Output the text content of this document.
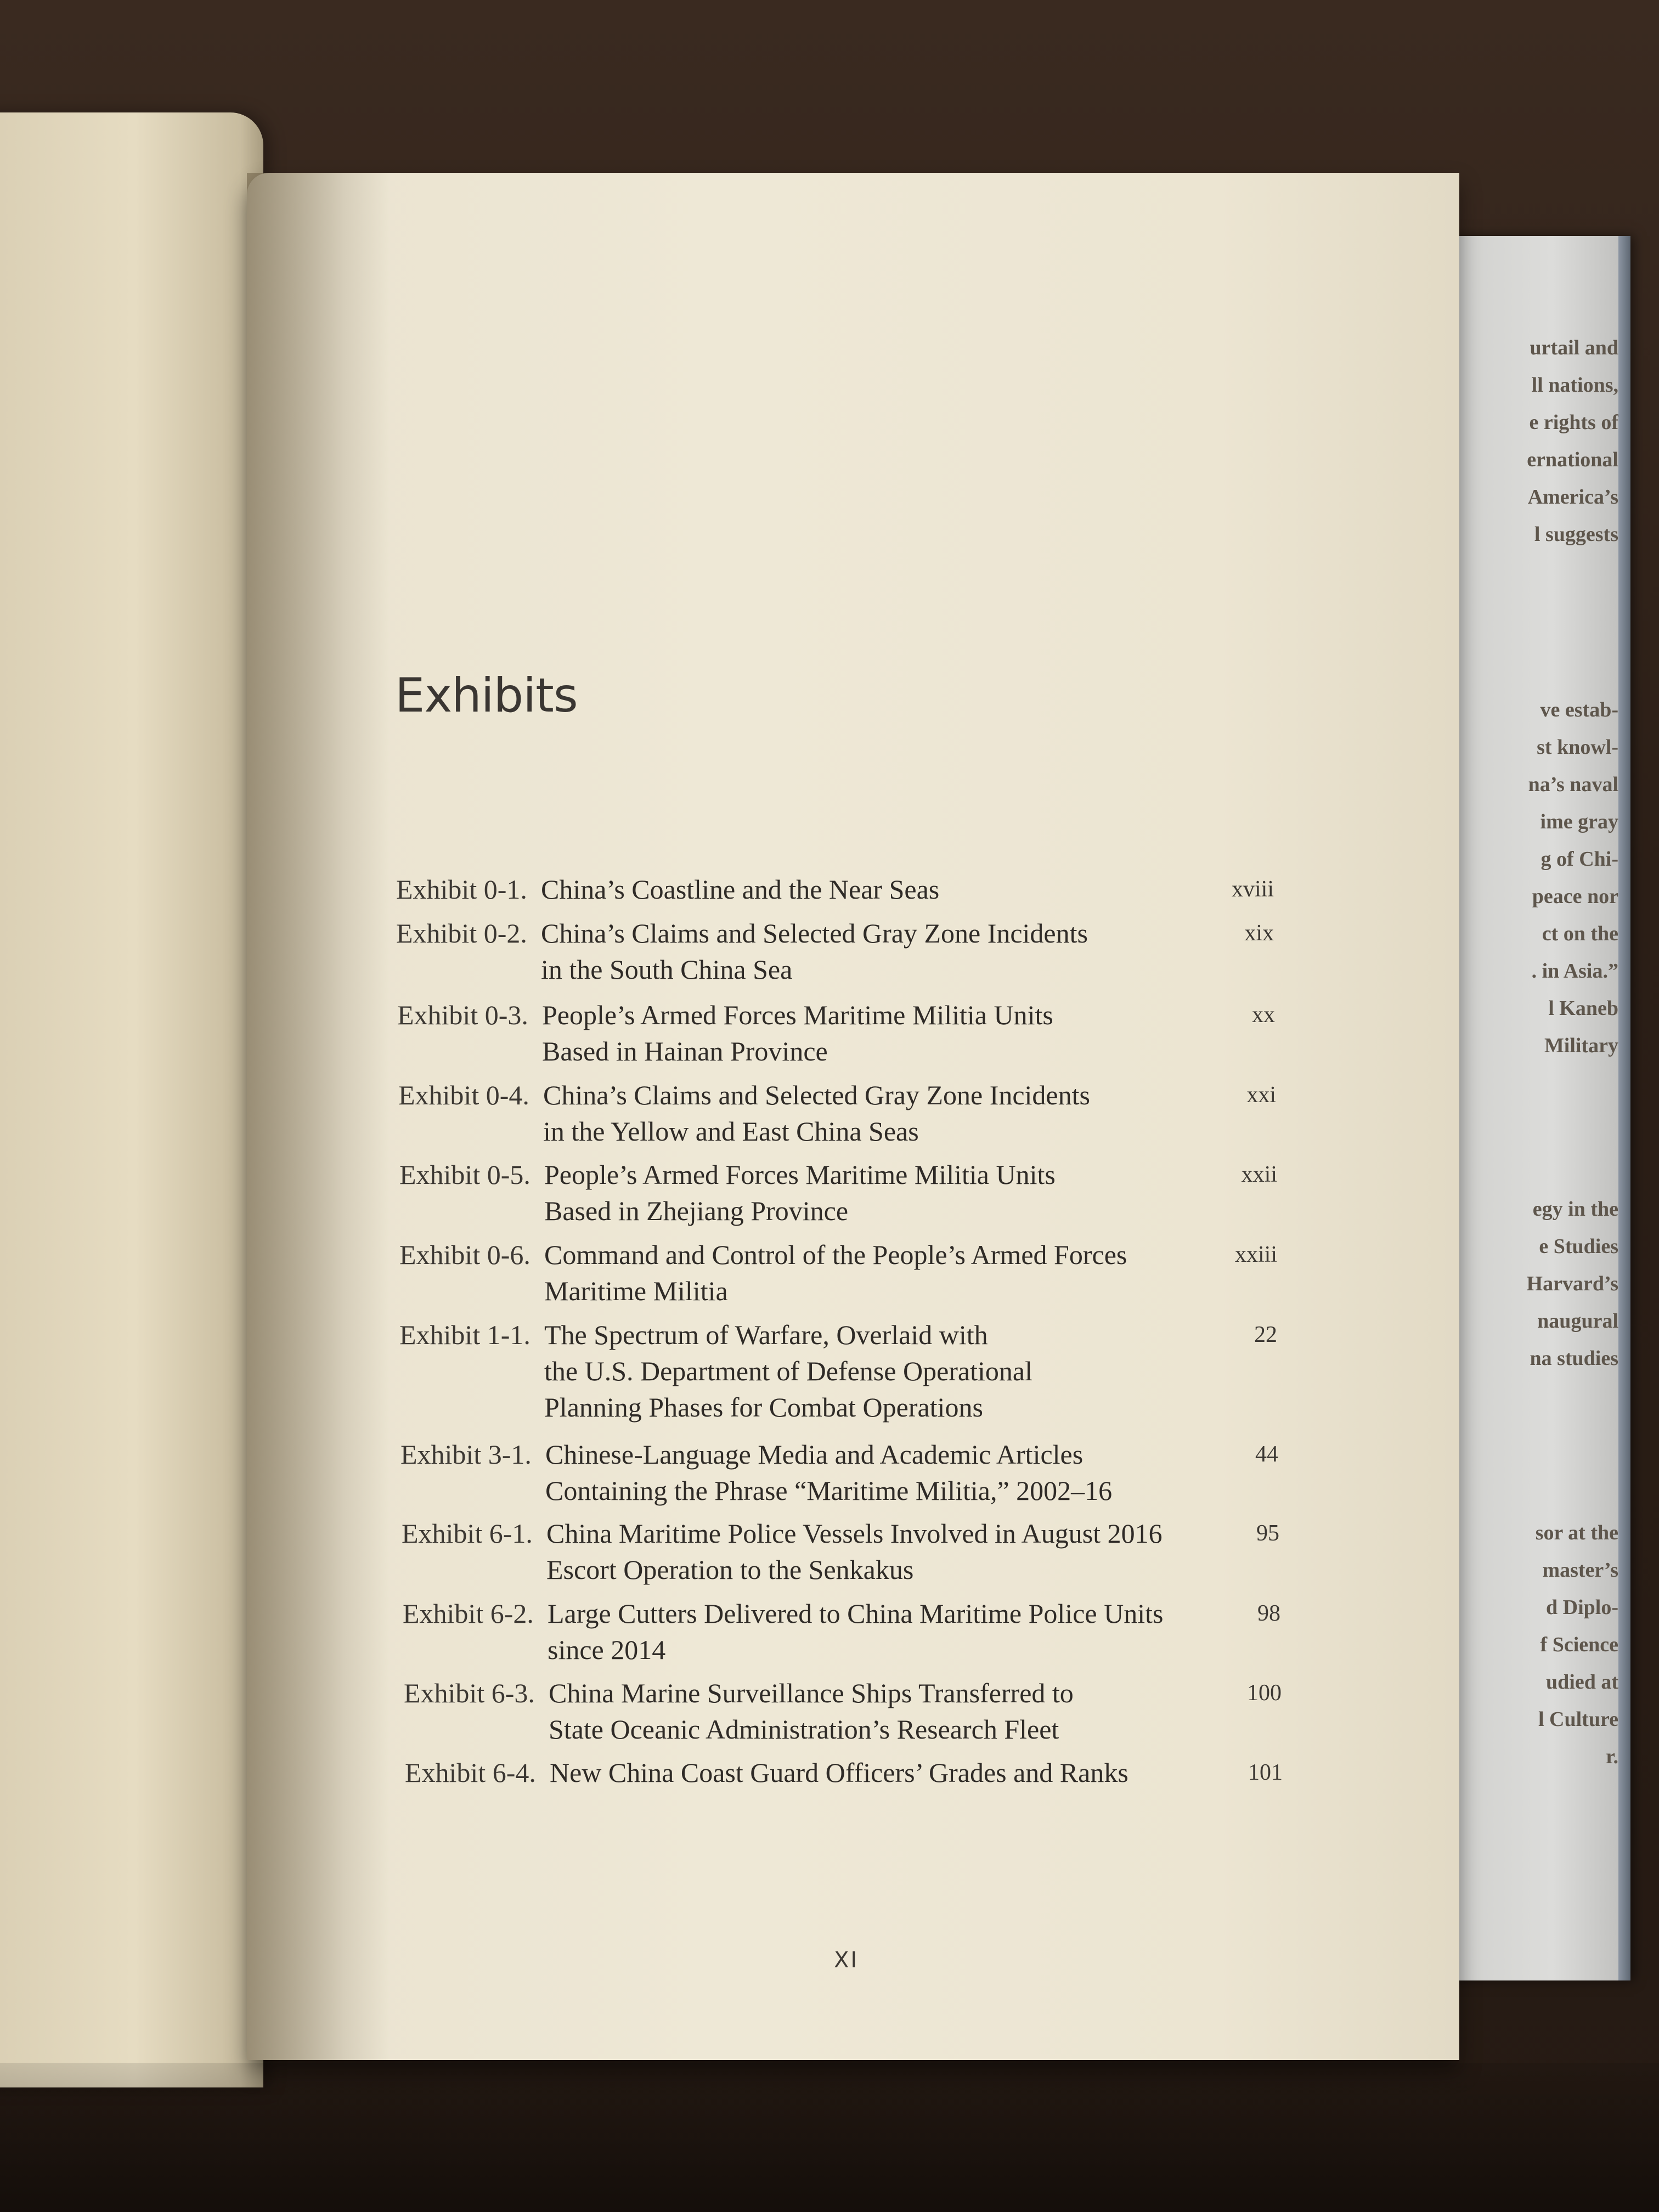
urtail and
ll nations,
e rights of
ernational
America’s
l suggests
ve estab-
st knowl-
na’s naval
ime gray
g of Chi-
peace nor
ct on the
. in Asia.”
l Kaneb
Military
egy in the
e Studies
Harvard’s
naugural
na studies
sor at the
master’s
d Diplo-
f Science
udied at
l Culture
r.
Exhibits
Exhibit 0-1. China’s Coastline and the Near Seas	xviii
Exhibit 0-2. China’s Claims and Selected Gray Zone Incidents
in the South China Sea
xix
Exhibit 0-3. People’s Armed Forces Maritime Militia Units
Based in Hainan Province
xx
Exhibit 0-4. China’s Claims and Selected Gray Zone Incidents
in the Yellow and East China Seas
xxi
Exhibit 0-5. People’s Armed Forces Maritime Militia Units
Based in Zhejiang Province
xxii
Exhibit 0-6. Command and Control of the People’s Armed Forces
Maritime Militia
xxiii
Exhibit 1-1. The Spectrum of Warfare, Overlaid with
the U.S. Department of Defense Operational
Planning Phases for Combat Operations
22
Exhibit 3-1. Chinese-Language Media and Academic Articles
Containing the Phrase “Maritime Militia,” 2002–16
44
Exhibit 6-1. China Maritime Police Vessels Involved in August 2016
Escort Operation to the Senkakus
95
Exhibit 6-2. Large Cutters Delivered to China Maritime Police Units
since 2014
98
Exhibit 6-3. China Marine Surveillance Ships Transferred to
State Oceanic Administration’s Research Fleet
100
Exhibit 6-4. New China Coast Guard Officers’ Grades and Ranks	101
XI
